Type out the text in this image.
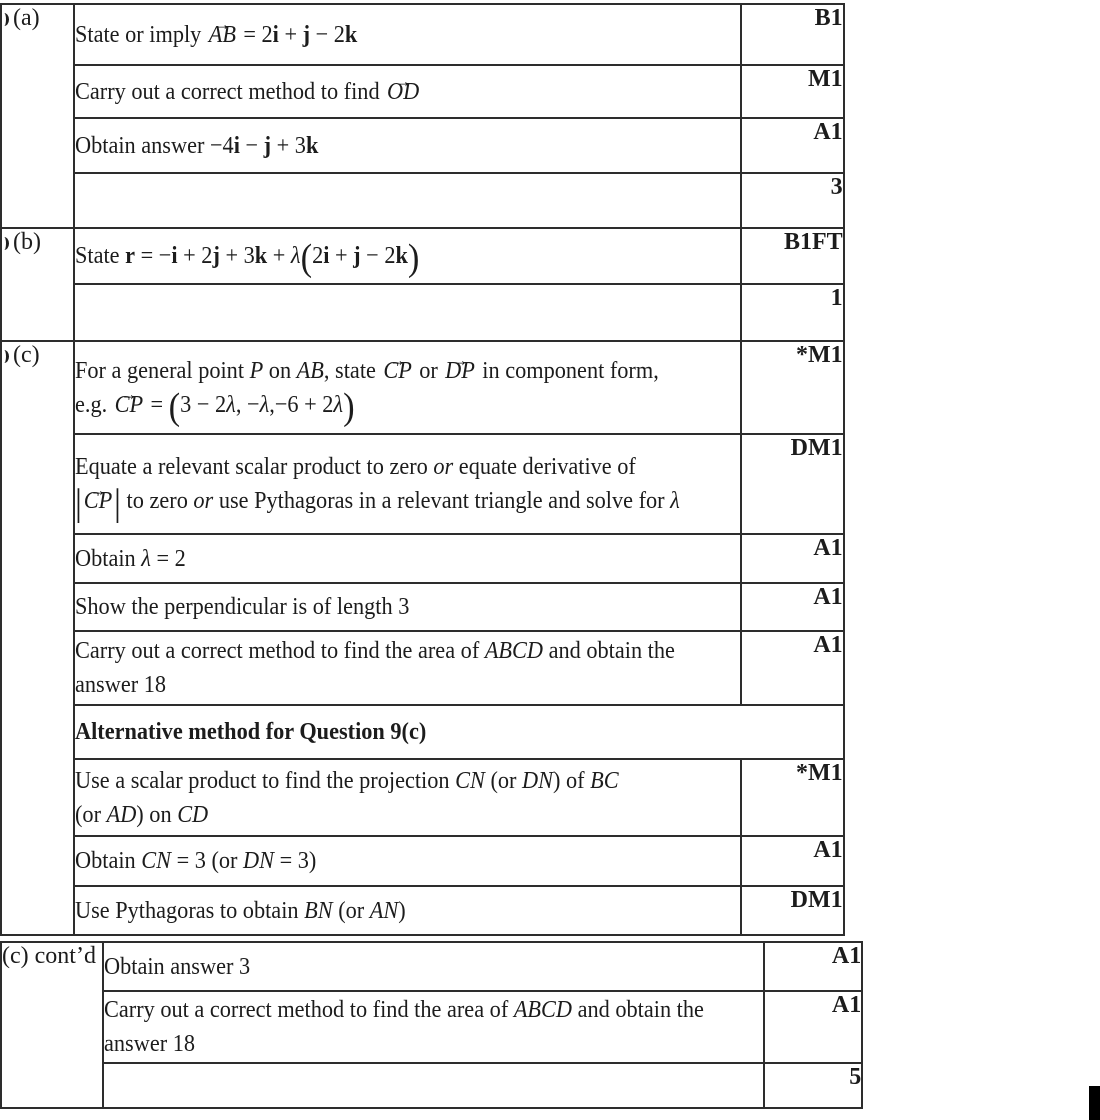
(a)	State or imply AB → = 2i + j − 2k	B1

	Carry out a correct method to find OD →	M1

	Obtain answer −4i − j + 3k	A1
		3
(b)	State r = −i + 2j + 3k + λ(2i + j − 2k)	B1FT
		1
(c)	For a general point P on AB, state CP → or DP → in component form,
e.g. CP → = (3 − 2λ, −λ,−6 + 2λ)	*M1

	Equate a relevant scalar product to zero or equate derivative of
|CP →| to zero or use Pythagoras in a relevant triangle and solve for λ	DM1

	Obtain λ = 2	A1

	Show the perpendicular is of length 3	A1

	Carry out a correct method to find the area of ABCD and obtain the
answer 18	A1

	Alternative method for Question 9(c)	

	Use a scalar product to find the projection CN (or DN) of BC
(or AD) on CD	*M1

	Obtain CN = 3 (or DN = 3)	A1

	Use Pythagoras to obtain BN (or AN)	DM1
(c) cont’d	Obtain answer 3	A1

	Carry out a correct method to find the area of ABCD and obtain the
answer 18	A1
		5
